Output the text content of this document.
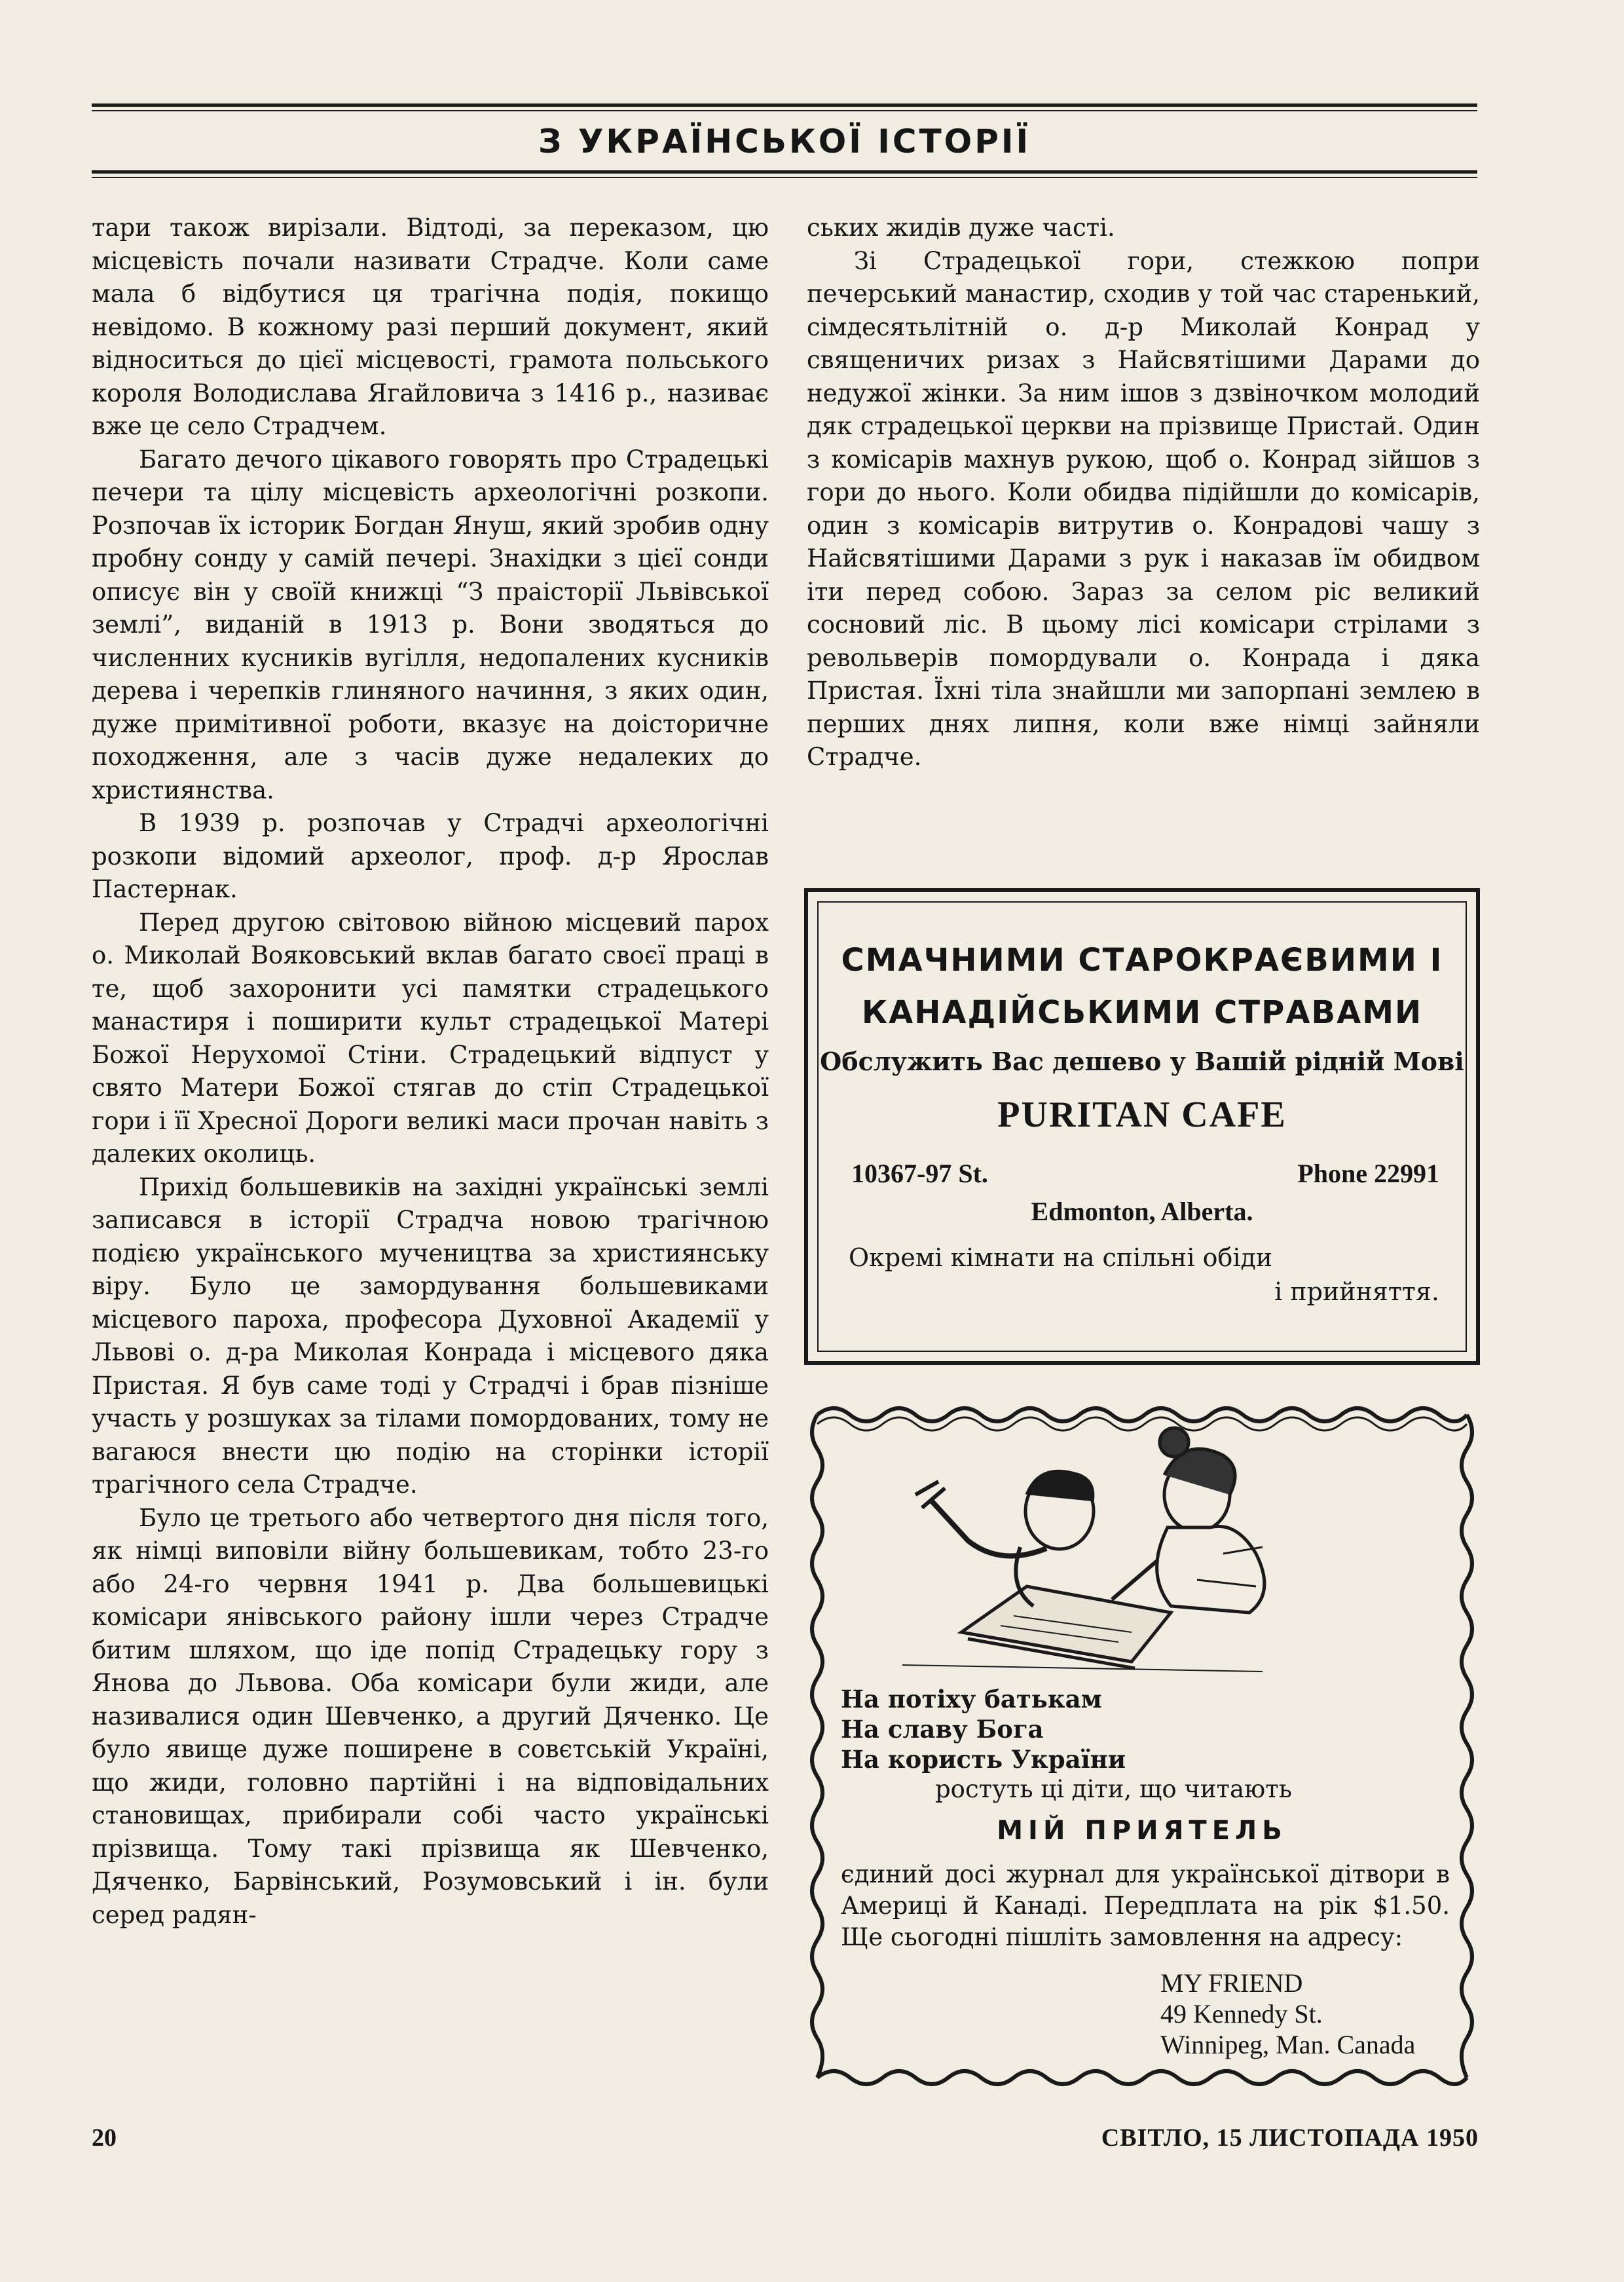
З УКРАЇНСЬКОЇ ІСТОРІЇ

тари також вирізали. Відтоді, за переказом, цю місцевість почали називати Страдче. Коли саме мала б відбутися ця трагічна подія, покищо невідомо. В кожному разі перший документ, який відноситься до цієї місцевості, грамота польського короля Володислава Ягайловича з 1416 р., називає вже це село Страдчем.

Багато дечого цікавого говорять про Страдецькі печери та цілу місцевість археологічні розкопи. Розпочав їх історик Богдан Януш, який зробив одну пробну сонду у самій печері. Знахідки з цієї сонди описує він у своїй книжці “З праісторії Львівської землі”, виданій в 1913 р. Вони зводяться до численних кусників вугілля, недопалених кусників дерева і черепків глиняного начиння, з яких один, дуже примітивної роботи, вказує на доісторичне походження, але з часів дуже недалеких до християнства.

В 1939 р. розпочав у Страдчі археологічні розкопи відомий археолог, проф. д-р Ярослав Пастернак.

Перед другою світовою війною місцевий парох о. Миколай Вояковський вклав багато своєї праці в те, щоб захоронити усі памятки страдецького манастиря і поширити культ страдецької Матері Божої Нерухомої Стіни. Страдецький відпуст у свято Матери Божої стягав до стіп Страдецької гори і її Хресної Дороги великі маси прочан навіть з далеких околиць.

Прихід большевиків на західні українські землі записався в історії Страдча новою трагічною подією українського мучеництва за християнську віру. Було це замордування большевиками місцевого пароха, професора Духовної Академії у Львові о. д-ра Миколая Конрада і місцевого дяка Пристая. Я був саме тоді у Страдчі і брав пізніше участь у розшуках за тілами помордованих, тому не вагаюся внести цю подію на сторінки історії трагічного села Страдче.

Було це третього або четвертого дня після того, як німці виповіли війну большевикам, тобто 23-го або 24-го червня 1941 р. Два большевицькі комісари янівського району ішли через Страдче битим шляхом, що іде попід Страдецьку гору з Янова до Львова. Оба комісари були жиди, але називалися один Шевченко, а другий Дяченко. Це було явище дуже поширене в совєтській Україні, що жиди, головно партійні і на відповідальних становищах, прибирали собі часто українські прізвища. Тому такі прізвища як Шевченко, Дяченко, Барвінський, Розумовський і ін. були серед радян-

ських жидів дуже часті.

Зі Страдецької гори, стежкою попри печерський манастир, сходив у той час старенький, сімдесятьлітній о. д-р Миколай Конрад у священичих ризах з Найсвятішими Дарами до недужої жінки. За ним ішов з дзвіночком молодий дяк страдецької церкви на прізвище Пристай. Один з комісарів махнув рукою, щоб о. Конрад зійшов з гори до нього. Коли обидва підійшли до комісарів, один з комісарів витрутив о. Конрадові чашу з Найсвятішими Дарами з рук і наказав їм обидвом іти перед собою. Зараз за селом ріс великий сосновий ліс. В цьому лісі комісари стрілами з револьверів помордували о. Конрада і дяка Пристая. Їхні тіла знайшли ми запорпані землею в перших днях липня, коли вже німці зайняли Страдче.

СМАЧНИМИ СТАРОКРАЄВИМИ І
КАНАДІЙСЬКИМИ СТРАВАМИ
Обслужить Вас дешево у Вашій рідній Мові
PURITAN CAFE
10367-97 St.	Phone 22991
Edmonton, Alberta.
Окремі кімнати на спільні обіди
і прийняття.
На потіху батькам
На славу Бога
На користь України
ростуть ці діти, що читають
МІЙ ПРИЯТЕЛЬ

єдиний досі журнал для української дітвори в Америці й Канаді. Передплата на рік $1.50. Ще сьогодні пішліть замовлення на адресу:

MY FRIEND
49 Kennedy St.
Winnipeg, Man. Canada
20	СВІТЛО, 15 ЛИСТОПАДА 1950
